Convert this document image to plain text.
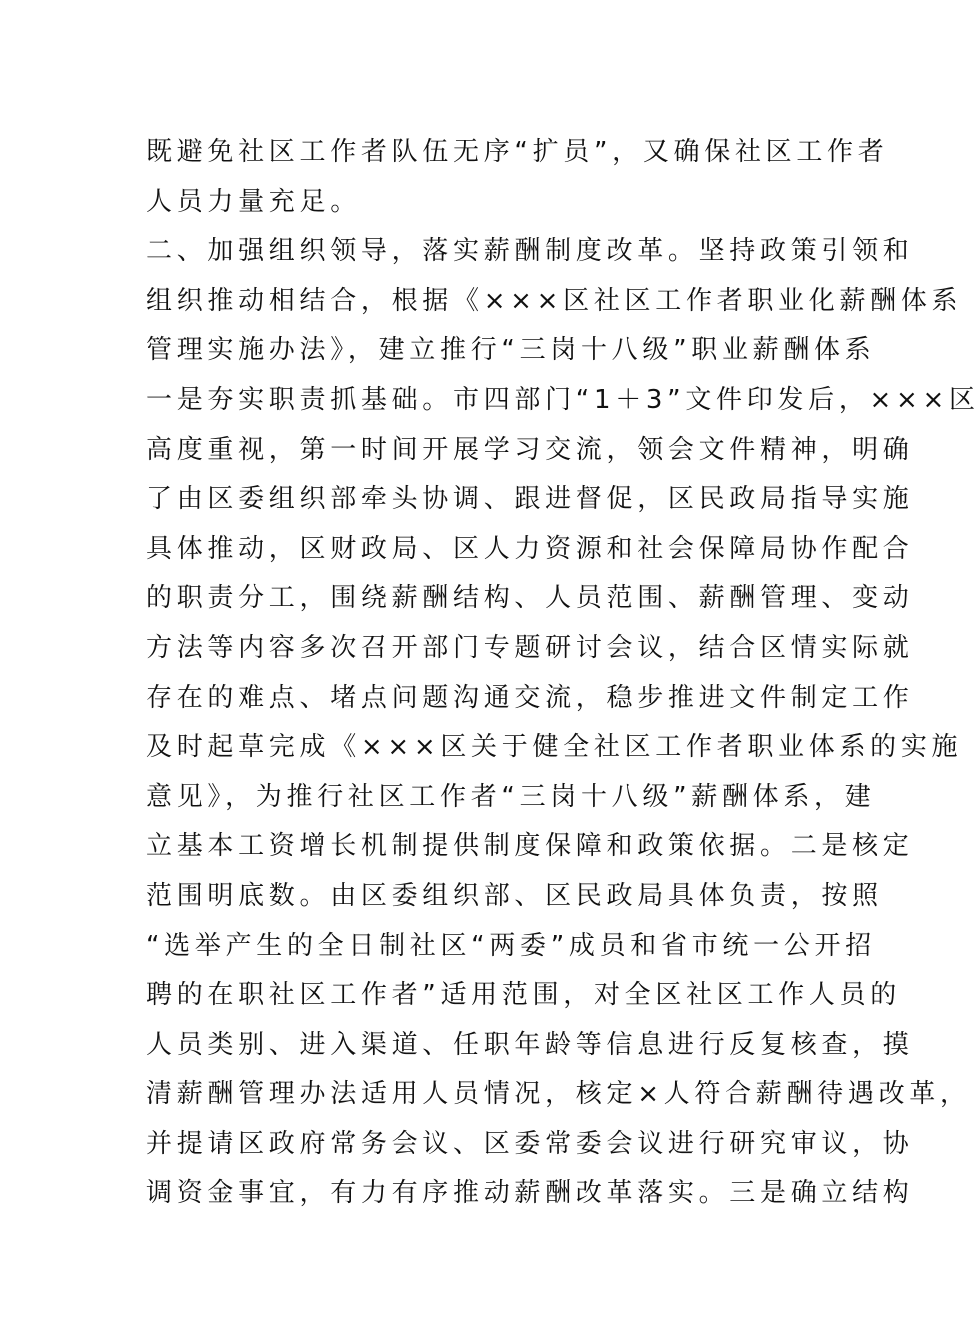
既避免社区工作者队伍无序“扩员”，又确保社区工作者
人员力量充足。
二、加强组织领导，落实薪酬制度改革。坚持政策引领和
组织推动相结合，根据《×××区社区工作者职业化薪酬体系
管理实施办法》，建立推行“三岗十八级”职业薪酬体系
一是夯实职责抓基础。市四部门“1＋3”文件印发后，×××区
高度重视，第一时间开展学习交流，领会文件精神，明确
了由区委组织部牵头协调、跟进督促，区民政局指导实施
具体推动，区财政局、区人力资源和社会保障局协作配合
的职责分工，围绕薪酬结构、人员范围、薪酬管理、变动
方法等内容多次召开部门专题研讨会议，结合区情实际就
存在的难点、堵点问题沟通交流，稳步推进文件制定工作
及时起草完成《×××区关于健全社区工作者职业体系的实施
意见》，为推行社区工作者“三岗十八级”薪酬体系，建
立基本工资增长机制提供制度保障和政策依据。二是核定
范围明底数。由区委组织部、区民政局具体负责，按照
“选举产生的全日制社区“两委”成员和省市统一公开招
聘的在职社区工作者”适用范围，对全区社区工作人员的
人员类别、进入渠道、任职年龄等信息进行反复核查，摸
清薪酬管理办法适用人员情况，核定×人符合薪酬待遇改革，
并提请区政府常务会议、区委常委会议进行研究审议，协
调资金事宜，有力有序推动薪酬改革落实。三是确立结构
